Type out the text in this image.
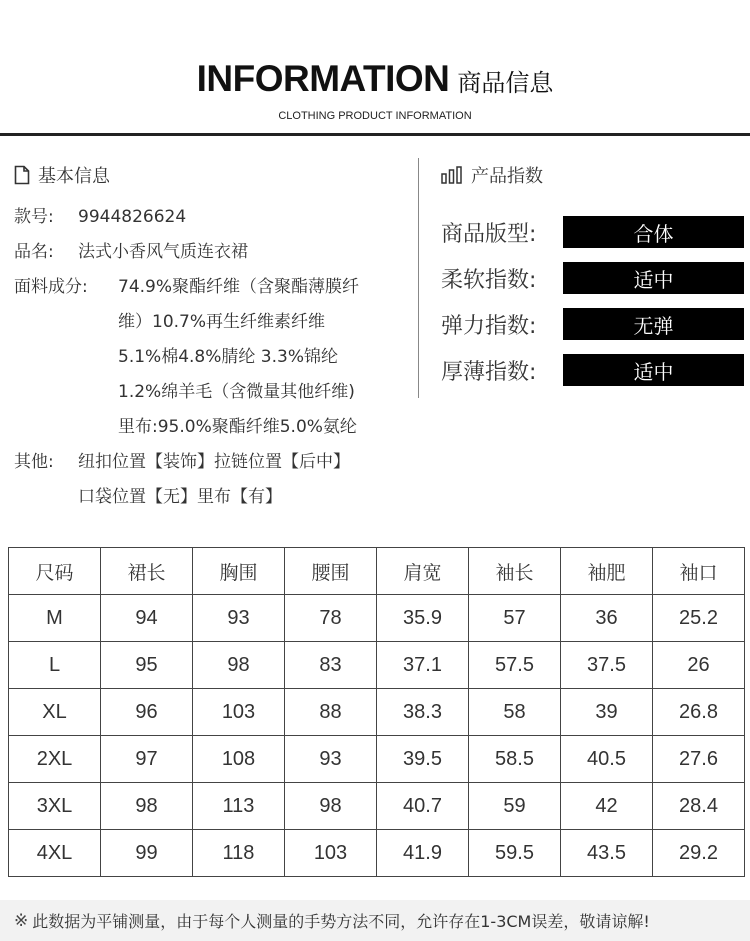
INFORMATION 商品信息
CLOTHING PRODUCT INFORMATION
基本信息
款号:	9944826624
品名:	法式小香风气质连衣裙
面料成分:	74.9%聚酯纤维（含聚酯薄膜纤
维）10.7%再生纤维素纤维
5.1%棉4.8%腈纶 3.3%锦纶
1.2%绵羊毛（含微量其他纤维)
里布:95.0%聚酯纤维5.0%氨纶
其他:	纽扣位置【装饰】拉链位置【后中】
口袋位置【无】里布【有】
产品指数
商品版型:	合体
柔软指数:	适中
弹力指数:	无弹
厚薄指数:	适中
尺码	裙长	胸围	腰围	肩宽	袖长	袖肥	袖口
M	94	93	78	35.9	57	36	25.2
L	95	98	83	37.1	57.5	37.5	26
XL	96	103	88	38.3	58	39	26.8
2XL	97	108	93	39.5	58.5	40.5	27.6
3XL	98	113	98	40.7	59	42	28.4
4XL	99	118	103	41.9	59.5	43.5	29.2
※ 此数据为平铺测量，由于每个人测量的手势方法不同，允许存在1-3CM误差，敬请谅解!
